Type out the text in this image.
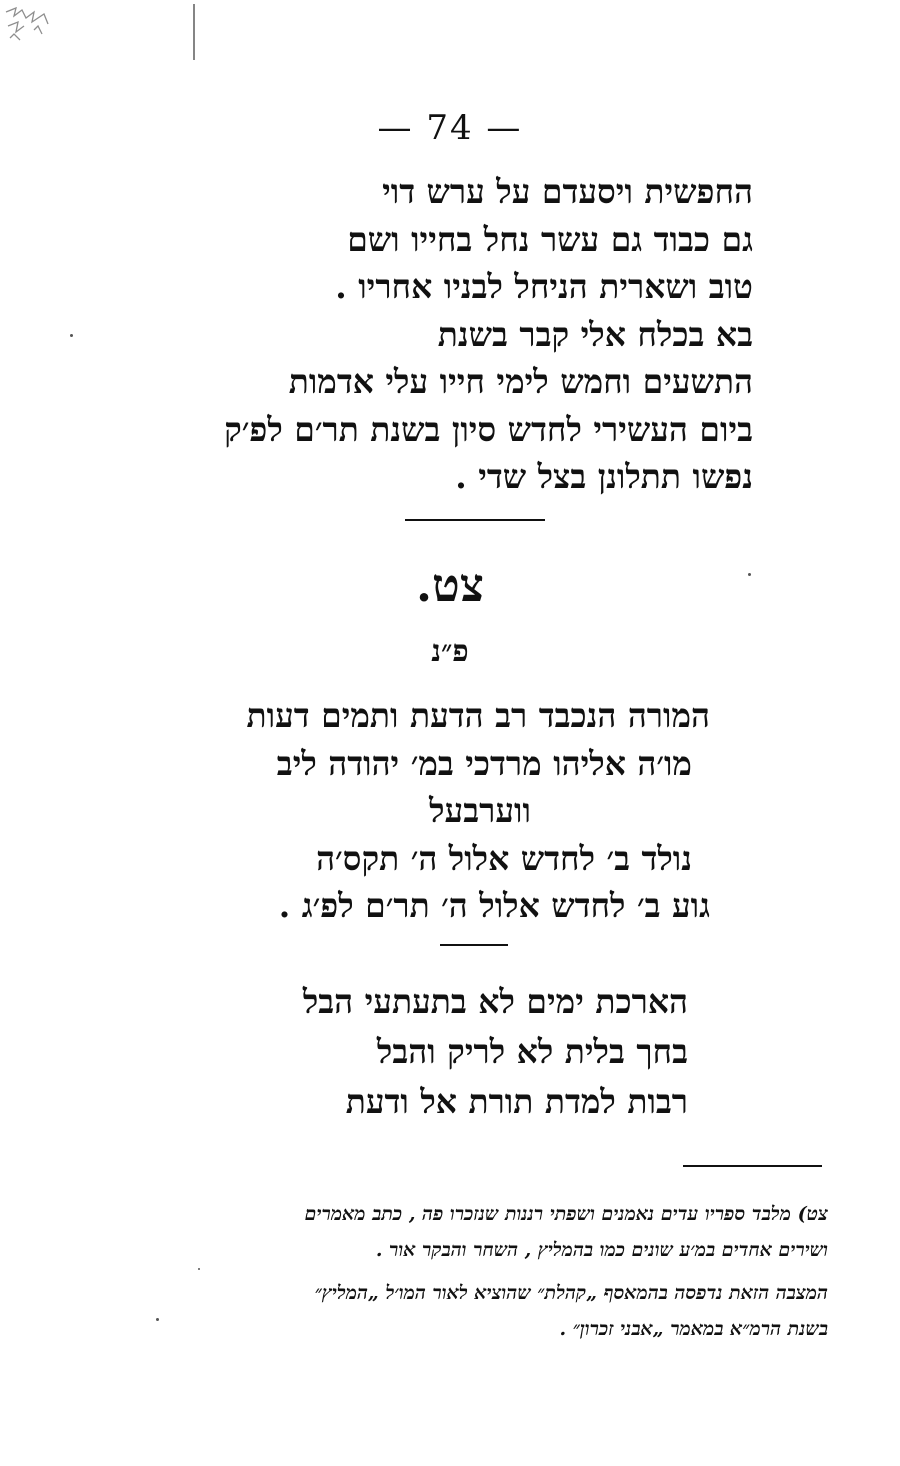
— 74 —
החפשית ויסעדם על ערש דוי
גם כבוד גם עשר נחל בחייו ושם
טוב ושארית הניחל לבניו אחריו .
בא בכלח אלי קבר בשנת
התשעים וחמש לימי חייו עלי אדמות
ביום העשירי לחדש סיון בשנת תר׳ם לפ׳ק
נפשו תתלונן בצל שדי .
צט.
פ״נ
המורה הנכבד רב הדעת ותמים דעות
מו׳ה אליהו מרדכי במ׳ יהודה ליב
ווערבעל
נולד ב׳ לחדש אלול ה׳ תקס׳ה
גוע ב׳ לחדש אלול ה׳ תר׳ם לפ׳ג .
הארכת ימים לא בתעתעי הבל
בחך בלית לא לריק והבל
רבות למדת תורת אל ודעת
צט) מלבד ספריו עדים נאמנים ושפתי רננות שנזכרו פה , כתב מאמרים
ושירים אחדים במ׳ע שונים כמו בהמליץ , השחר והבקר אור .
המצבה הזאת נדפסה בהמאסף „קהלת״ שהוציא לאור המו׳ל „המליץ״
בשנת הרמ״א במאמר „אבני זכרון״ .
